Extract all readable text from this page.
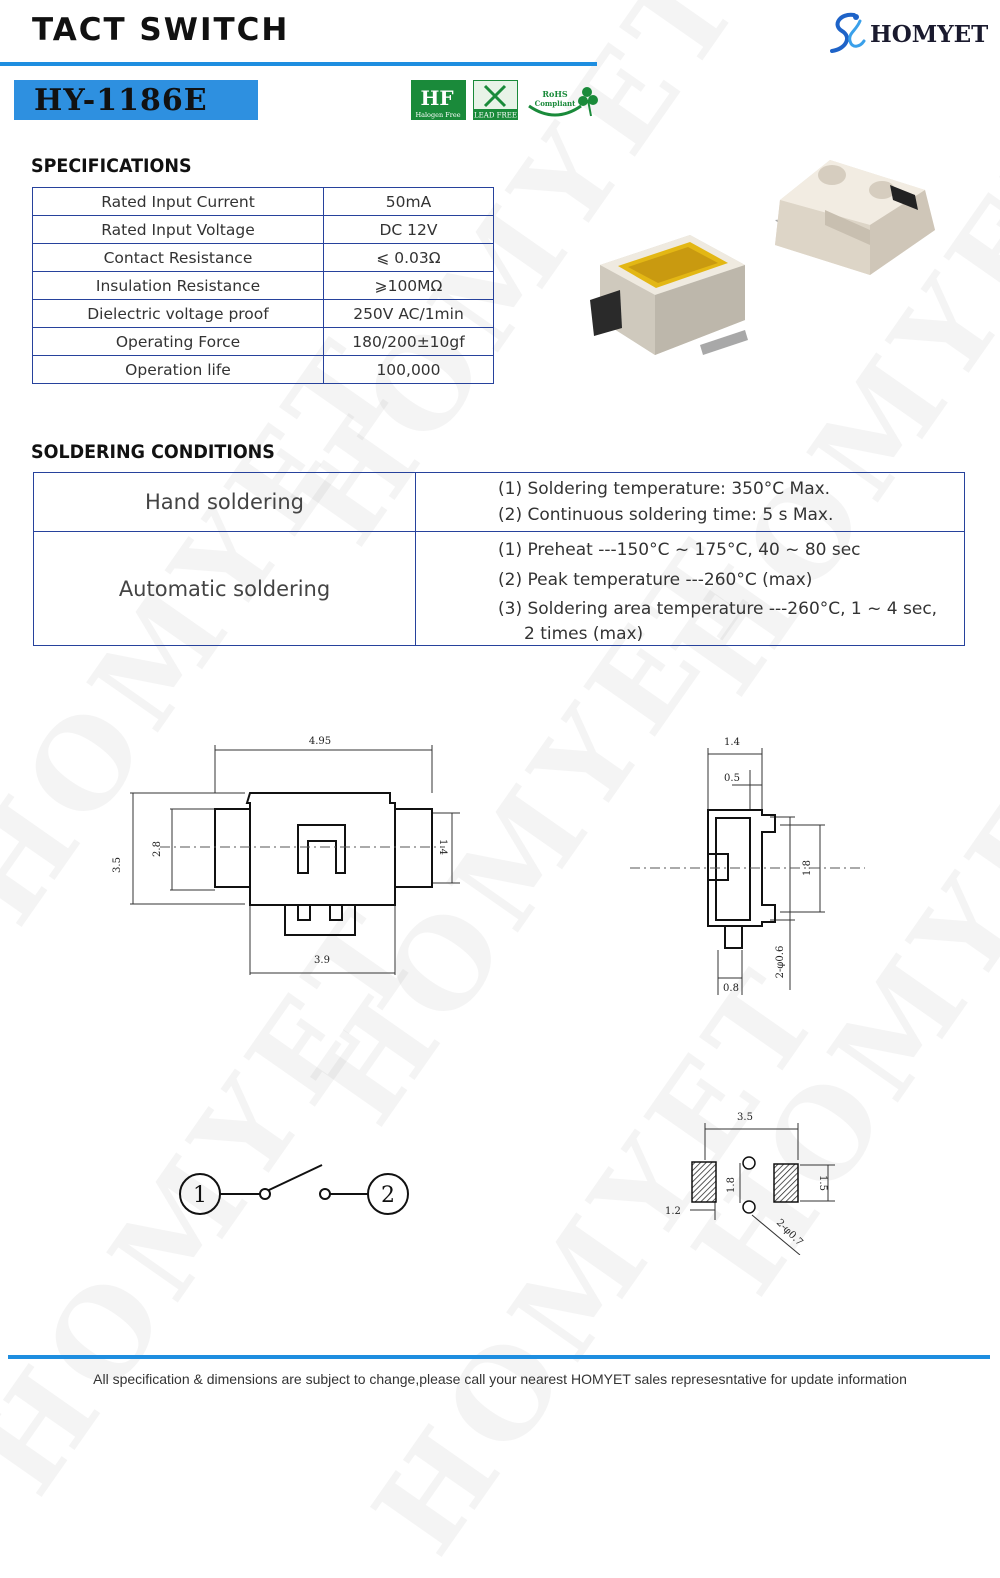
TACT SWITCH	HOMYET
HY-1186E	HF
Halogen Free LEAD FREE
RoHS
Compliant
SPECIFICATIONS
Rated Input Current	50mA
Rated Input Voltage	DC 12V
Contact Resistance	⩽ 0.03Ω
Insulation Resistance	⩾100MΩ
Dielectric voltage proof	250V AC/1min
Operating Force	180/200±10gf
Operation life	100,000
SOLDERING CONDITIONS
Hand soldering	(1) Soldering temperature: 350°C Max.
(2) Continuous soldering time: 5 s Max.

Automatic soldering	(1) Preheat ---150°C ~ 175°C, 40 ~ 80 sec
(2) Peak temperature ---260°C (max)
(3) Soldering area temperature ---260°C, 1 ~ 4 sec,
2 times (max)
4.95
3.5
2.8	1.4
3.9
1.4
0.5
1.8
2-φ0.6
0.8
1	2
3.5
1.2
1.8	1.5
2-φ0.7
All specification & dimensions are subject to change,please call your nearest HOMYET sales represesntative for update information
